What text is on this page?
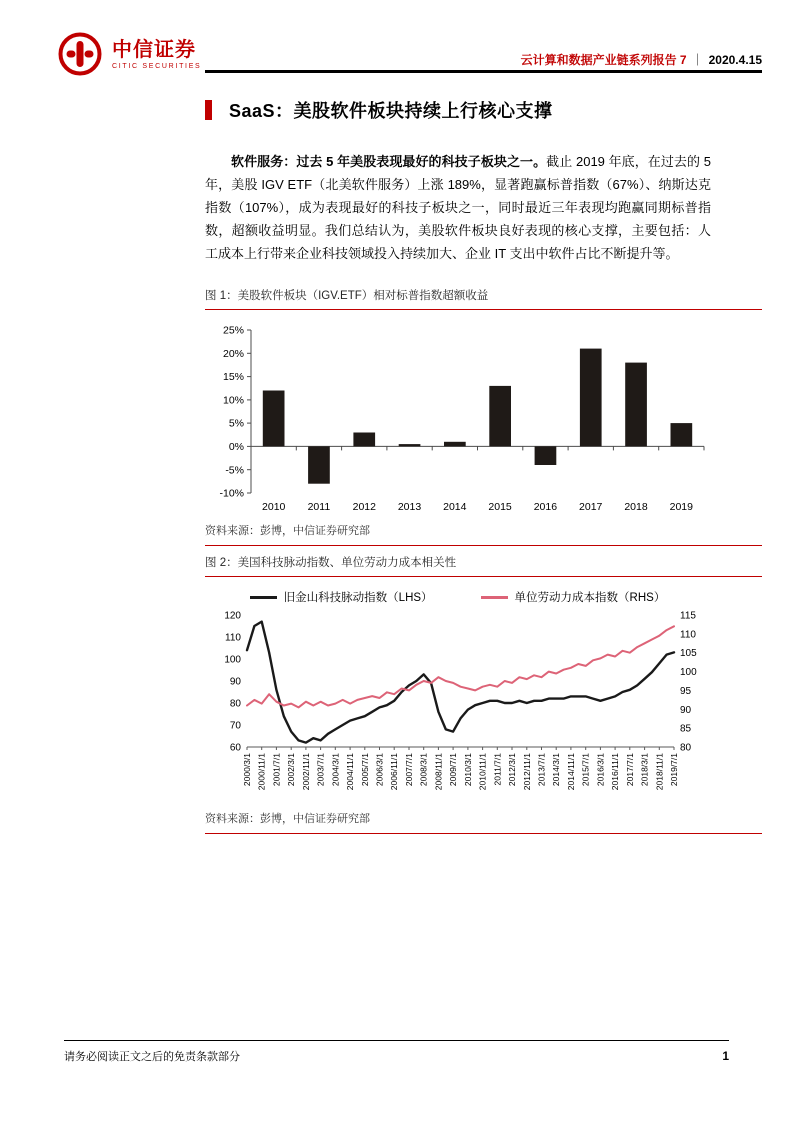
中信证券
CITIC SECURITIES	云计算和数据产业链系列报告 7 ｜ 2020.4.15
SaaS：美股软件板块持续上行核心支撑

软件服务：过去 5 年美股表现最好的科技子板块之一。截止 2019 年底，在过去的 5 年，美股 IGV ETF（北美软件服务）上涨 189%，显著跑赢标普指数（67%）、纳斯达克指数（107%），成为表现最好的科技子板块之一，同时最近三年表现均跑赢同期标普指数，超额收益明显。我们总结认为，美股软件板块良好表现的核心支撑，主要包括：人工成本上行带来企业科技领域投入持续加大、企业 IT 支出中软件占比不断提升等。

图 1：美股软件板块（IGV.ETF）相对标普指数超额收益
-10%
-5%
0%
5%
10%
15%
20%
25%
2010 2011 2012 2013 2014 2015 2016 2017 2018 2019
资料来源：彭博，中信证券研究部
图 2：美国科技脉动指数、单位劳动力成本相关性
旧金山科技脉动指数（LHS）	单位劳动力成本指数（RHS）
60
70
80
90
100
110
120
80
85
90
95
100
105
110
115
2000/3/1 2000/11/1 2001/7/1 2002/3/1 2002/11/1 2003/7/1 2004/3/1 2004/11/1 2005/7/1 2006/3/1 2006/11/1 2007/7/1 2008/3/1 2008/11/1 2009/7/1 2010/3/1 2010/11/1 2011/7/1 2012/3/1 2012/11/1 2013/7/1 2014/3/1 2014/11/1 2015/7/1 2016/3/1 2016/11/1 2017/7/1 2018/3/1 2018/11/1 2019/7/1
资料来源：彭博，中信证券研究部
请务必阅读正文之后的免责条款部分	1
